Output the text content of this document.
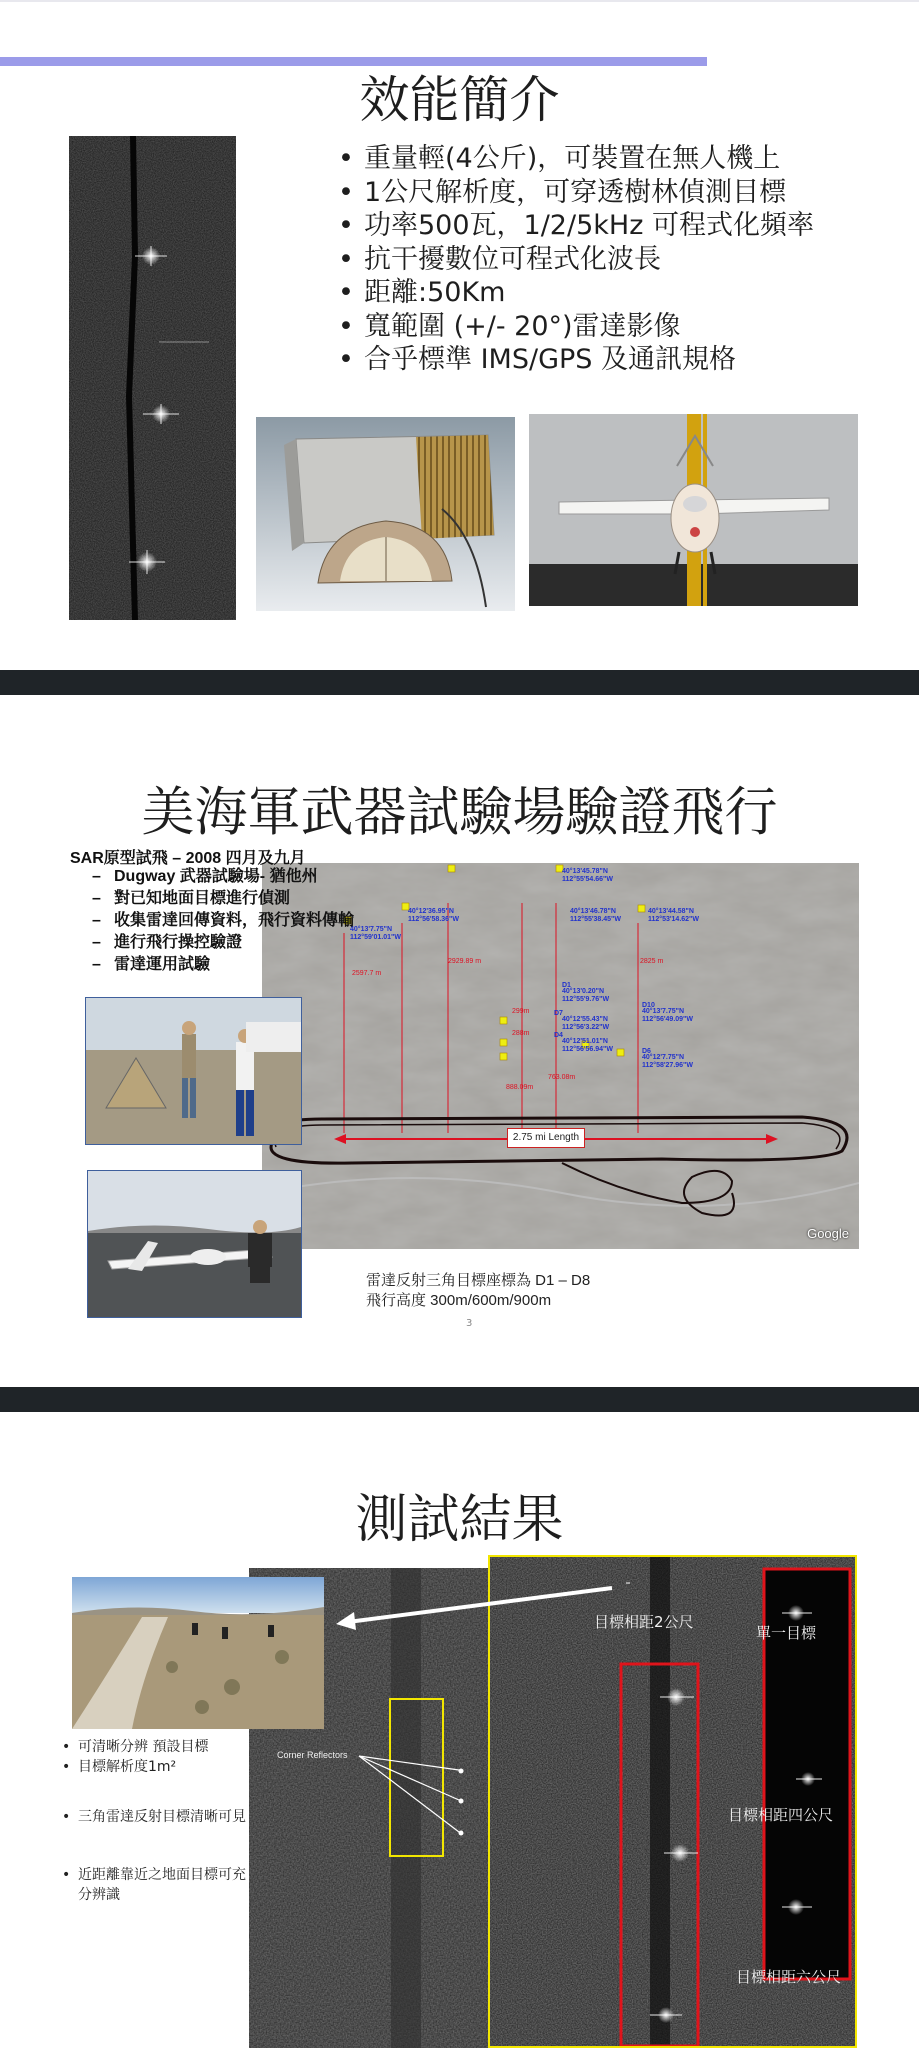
效能簡介
• 重量輕(4公斤)，可裝置在無人機上
• 1公尺解析度，可穿透樹林偵測目標
• 功率500瓦，1/2/5kHz 可程式化頻率
• 抗干擾數位可程式化波長
• 距離:50Km
• 寬範圍 (+/- 20°)雷達影像
• 合乎標準 IMS/GPS 及通訊規格
美海軍武器試驗場驗證飛行
40°13'45.78"N
112°55'54.66"W
40°12'36.95"N
112°56'58.36"W
40°13'46.78"N
112°55'38.45"W
40°13'44.58"N
112°53'14.62"W
40°13'7.75"N
112°59'01.01"W
40°13'0.20"N
112°55'9.76"W
40°12'55.43"N
112°56'3.22"W
40°12'51.01"N
112°56'56.94"W
40°13'7.75"N
112°56'49.09"W
40°12'7.75"N
112°58'27.96"W
D1
D7
D4
D10
D6
2929.89 m
2597.7 m
2825 m
299m
288m
763.08m
888.09m
2.75 mi Length
Google
SAR原型試飛 – 2008 四月及九月
– Dugway 武器試驗場- 猶他州
– 對已知地面目標進行偵測
– 收集雷達回傳資料，飛行資料傳輸
– 進行飛行操控驗證
– 雷達運用試驗
雷達反射三角目標座標為 D1 – D8
飛行高度 300m/600m/900m
3
測試結果
Corner Reflectors
目標相距2公尺
單一目標
目標相距四公尺
目標相距六公尺
• 可清晰分辨 預設目標
• 目標解析度1m²
• 三角雷達反射目標清晰可見
• 近距離靠近之地面目標可充分辨識
